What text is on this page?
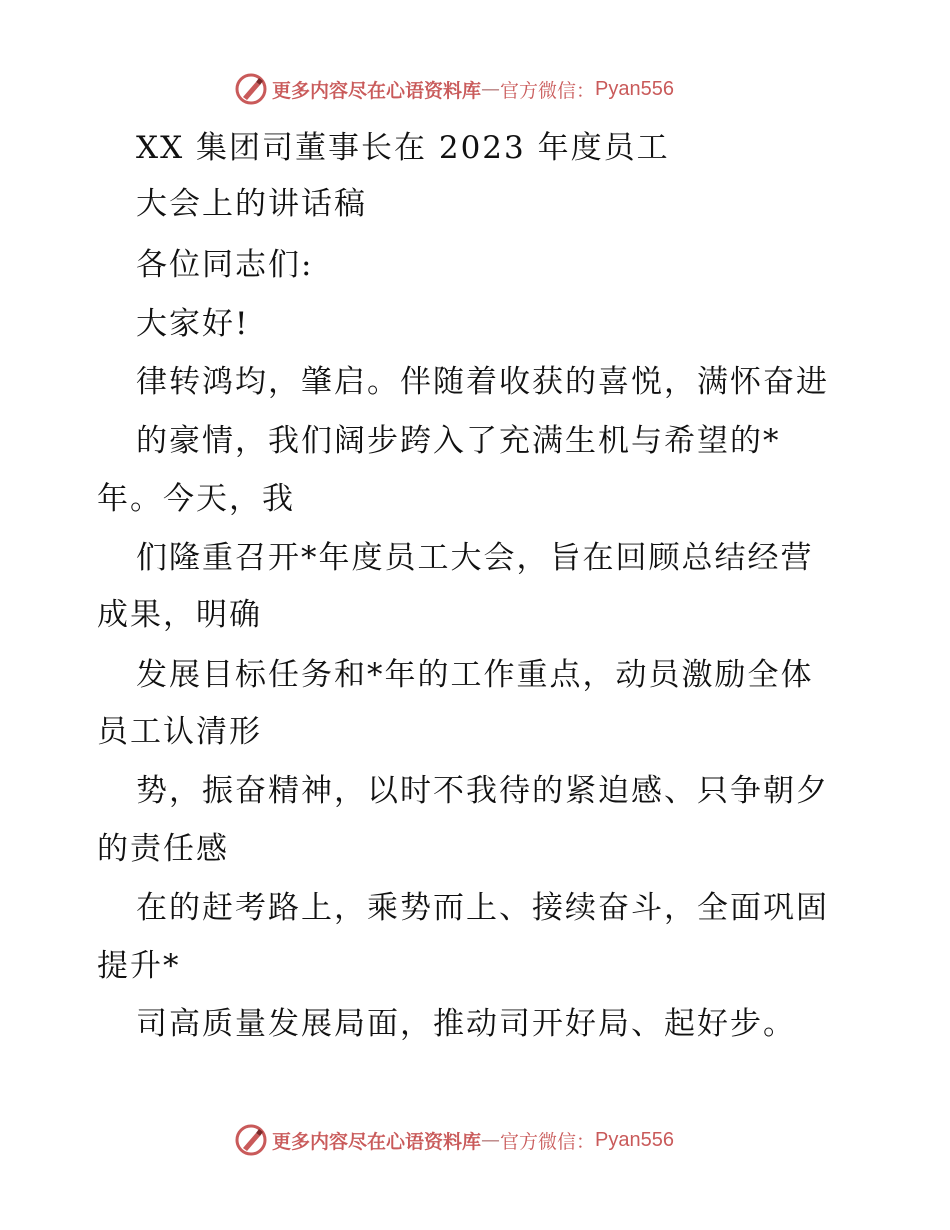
更多内容尽在心语资料库 — 官方微信： Pyan556
XX 集团司董事长在 2023 年度员工
大会上的讲话稿
各位同志们:
大家好!
律转鸿均，肇启。伴随着收获的喜悦，满怀奋进
的豪情，我们阔步跨入了充满生机与希望的*
年。今天，我
们隆重召开*年度员工大会，旨在回顾总结经营
成果，明确
发展目标任务和*年的工作重点，动员激励全体
员工认清形
势，振奋精神，以时不我待的紧迫感、只争朝夕
的责任感
在的赶考路上，乘势而上、接续奋斗，全面巩固
提升*
司高质量发展局面，推动司开好局、起好步。
更多内容尽在心语资料库 — 官方微信： Pyan556
